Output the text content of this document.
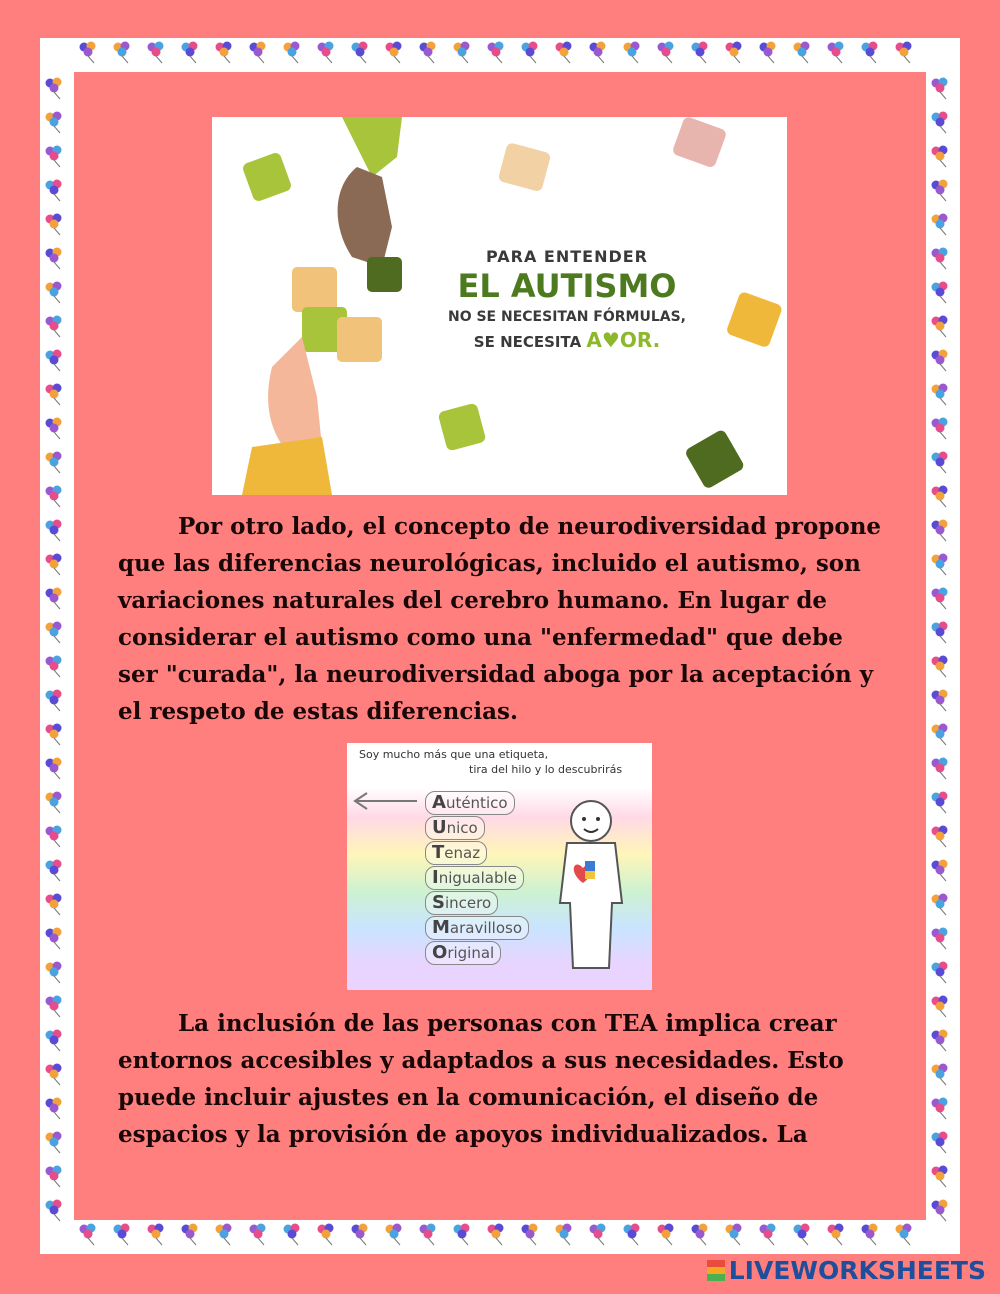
PARA ENTENDER
EL AUTISMO
NO SE NECESITAN FÓRMULAS,
SE NECESITA A♥OR.

Por otro lado, el concepto de neurodiversidad propone que las diferencias neurológicas, incluido el autismo, son variaciones naturales del cerebro humano. En lugar de considerar el autismo como una "enfermedad" que debe ser "curada", la neurodiversidad aboga por la aceptación y el respeto de estas diferencias.

Soy mucho más que una etiqueta,
tira del hilo y lo descubrirás
Auténtico
Unico
Tenaz
Inigualable
Sincero
Maravilloso
Original

La inclusión de las personas con TEA implica crear entornos accesibles y adaptados a sus necesidades. Esto puede incluir ajustes en la comunicación, el diseño de espacios y la provisión de apoyos individualizados. La

LIVEWORKSHEETS
